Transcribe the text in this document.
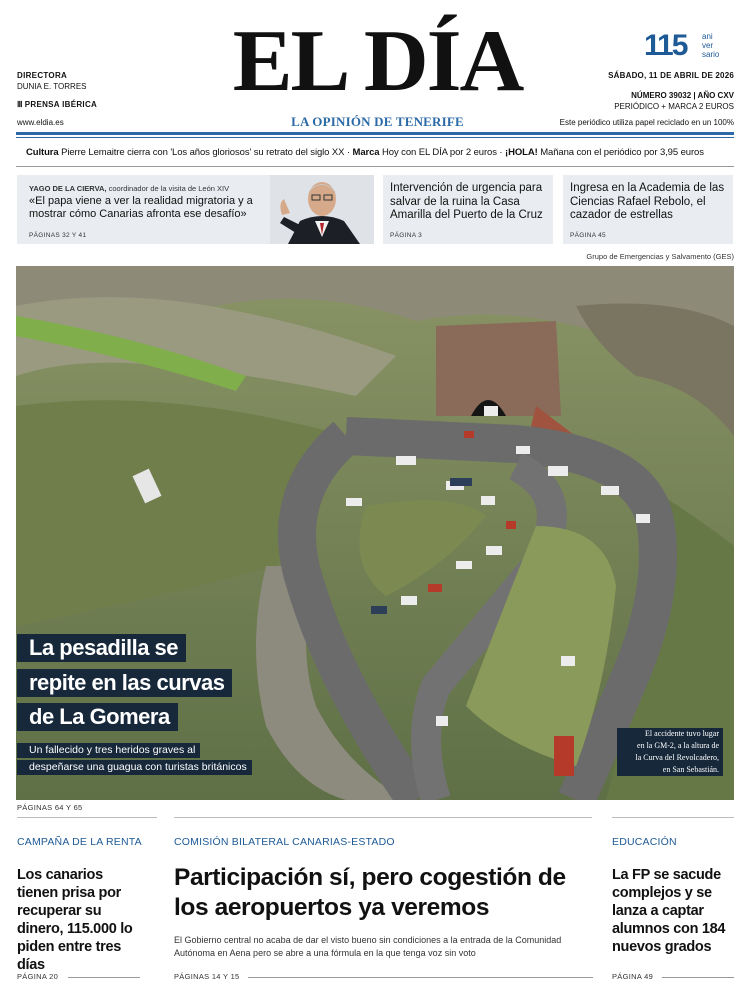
DIRECTORA
DUNIA E. TORRES
Ⅲ PRENSA IBÉRICA
www.eldia.es
EL DÍA
LA OPINIÓN DE TENERIFE
115 ani
ver
sario
SÁBADO, 11 DE ABRIL DE 2026
NÚMERO 39032 | AÑO CXV
PERIÓDICO + MARCA 2 EUROS
Este periódico utiliza papel reciclado en un 100%
Cultura Pierre Lemaitre cierra con 'Los años gloriosos' su retrato del siglo XX · Marca Hoy con EL DÍA por 2 euros · ¡HOLA! Mañana con el periódico por 3,95 euros
YAGO DE LA CIERVA, coordinador de la visita de León XIV
«El papa viene a ver la realidad migratoria y a mostrar cómo Canarias afronta ese desafío»
PÁGINAS 32 Y 41
Intervención de urgencia para salvar de la ruina la Casa Amarilla del Puerto de la Cruz
PÁGINA 3
Ingresa en la Academia de las Ciencias Rafael Rebolo, el cazador de estrellas
PÁGINA 45
Grupo de Emergencias y Salvamento (GES)
La pesadilla se
repite en las curvas
de La Gomera
Un fallecido y tres heridos graves al
despeñarse una guagua con turistas británicos
El accidente tuvo lugar
en la GM-2, a la altura de
la Curva del Revolcadero,
en San Sebastián.
PÁGINAS 64 Y 65
CAMPAÑA DE LA RENTA
Los canarios tienen prisa por recuperar su dinero, 115.000 lo piden entre tres días
PÁGINA 20
COMISIÓN BILATERAL CANARIAS-ESTADO
Participación sí, pero cogestión de los aeropuertos ya veremos
El Gobierno central no acaba de dar el visto bueno sin condiciones a la entrada de la Comunidad Autónoma en Aena pero se abre a una fórmula en la que tenga voz sin voto
PÁGINAS 14 Y 15
EDUCACIÓN
La FP se sacude complejos y se lanza a captar alumnos con 184 nuevos grados
PÁGINA 49
